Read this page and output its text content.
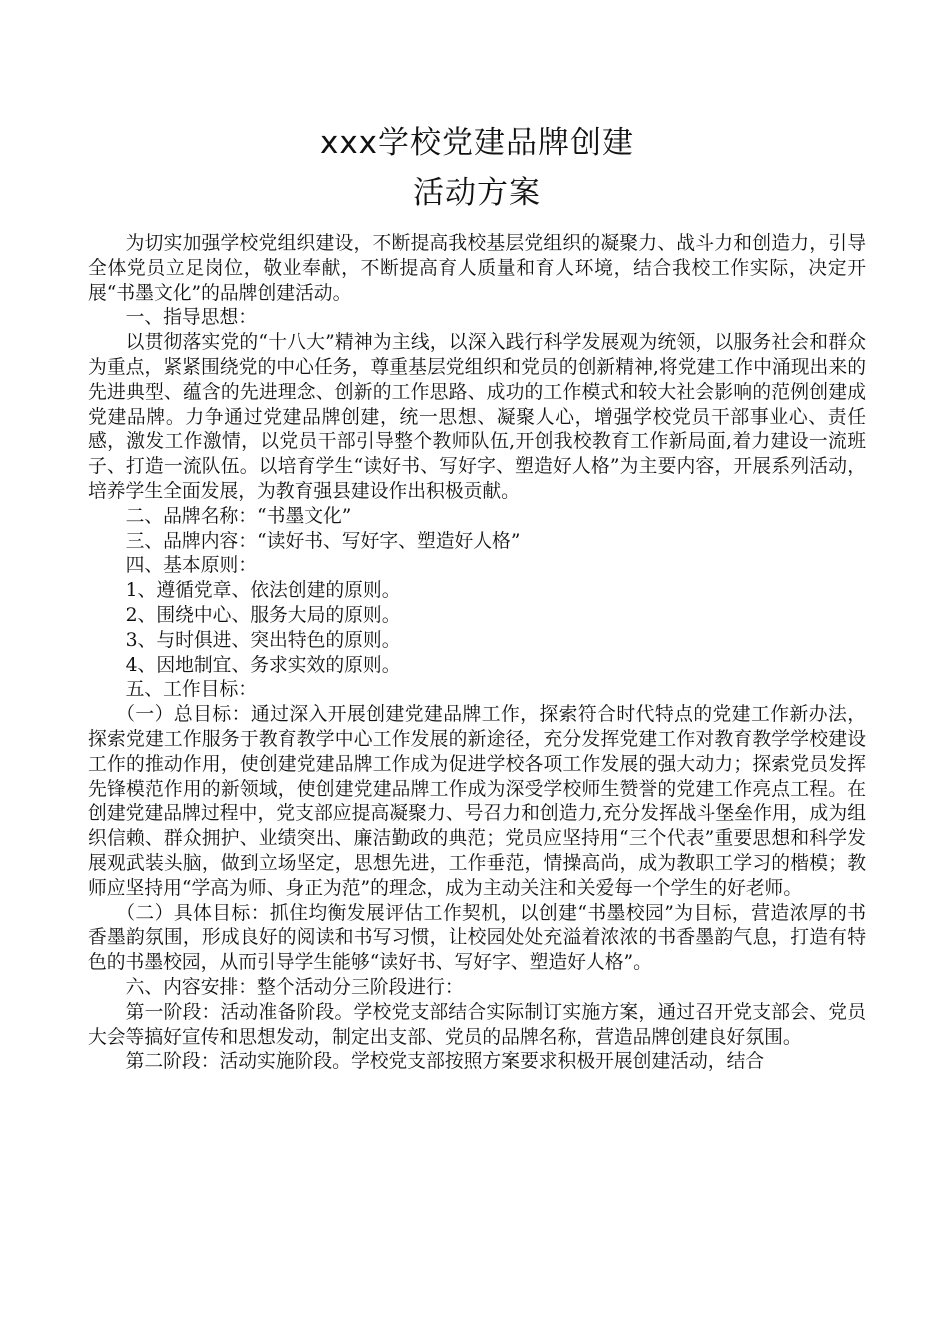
xxx学校党建品牌创建
活动方案

为切实加强学校党组织建设，不断提高我校基层党组织的凝聚力、战斗力和创造力，引导全体党员立足岗位，敬业奉献，不断提高育人质量和育人环境，结合我校工作实际，决定开展“书墨文化”的品牌创建活动。

一、指导思想：

以贯彻落实党的“十八大”精神为主线，以深入践行科学发展观为统领，以服务社会和群众为重点，紧紧围绕党的中心任务，尊重基层党组织和党员的创新精神,将党建工作中涌现出来的先进典型、蕴含的先进理念、创新的工作思路、成功的工作模式和较大社会影响的范例创建成党建品牌。力争通过党建品牌创建，统一思想、凝聚人心，增强学校党员干部事业心、责任感，激发工作激情，以党员干部引导整个教师队伍,开创我校教育工作新局面,着力建设一流班子、打造一流队伍。以培育学生“读好书、写好字、塑造好人格”为主要内容，开展系列活动，培养学生全面发展，为教育强县建设作出积极贡献。

二、品牌名称：“书墨文化”

三、品牌内容：“读好书、写好字、塑造好人格”

四、基本原则：

1、遵循党章、依法创建的原则。

2、围绕中心、服务大局的原则。

3、与时俱进、突出特色的原则。

4、因地制宜、务求实效的原则。

五、工作目标：

（一）总目标：通过深入开展创建党建品牌工作，探索符合时代特点的党建工作新办法，探索党建工作服务于教育教学中心工作发展的新途径，充分发挥党建工作对教育教学学校建设工作的推动作用，使创建党建品牌工作成为促进学校各项工作发展的强大动力；探索党员发挥先锋模范作用的新领域，使创建党建品牌工作成为深受学校师生赞誉的党建工作亮点工程。在创建党建品牌过程中，党支部应提高凝聚力、号召力和创造力,充分发挥战斗堡垒作用，成为组织信赖、群众拥护、业绩突出、廉洁勤政的典范；党员应坚持用“三个代表”重要思想和科学发展观武装头脑，做到立场坚定，思想先进，工作垂范，情操高尚，成为教职工学习的楷模；教师应坚持用“学高为师、身正为范”的理念，成为主动关注和关爱每一个学生的好老师。

（二）具体目标：抓住均衡发展评估工作契机，以创建“书墨校园”为目标，营造浓厚的书香墨韵氛围，形成良好的阅读和书写习惯，让校园处处充溢着浓浓的书香墨韵气息，打造有特色的书墨校园，从而引导学生能够“读好书、写好字、塑造好人格”。

六、内容安排：整个活动分三阶段进行：

第一阶段：活动准备阶段。学校党支部结合实际制订实施方案，通过召开党支部会、党员大会等搞好宣传和思想发动，制定出支部、党员的品牌名称，营造品牌创建良好氛围。

第二阶段：活动实施阶段。学校党支部按照方案要求积极开展创建活动，结合
